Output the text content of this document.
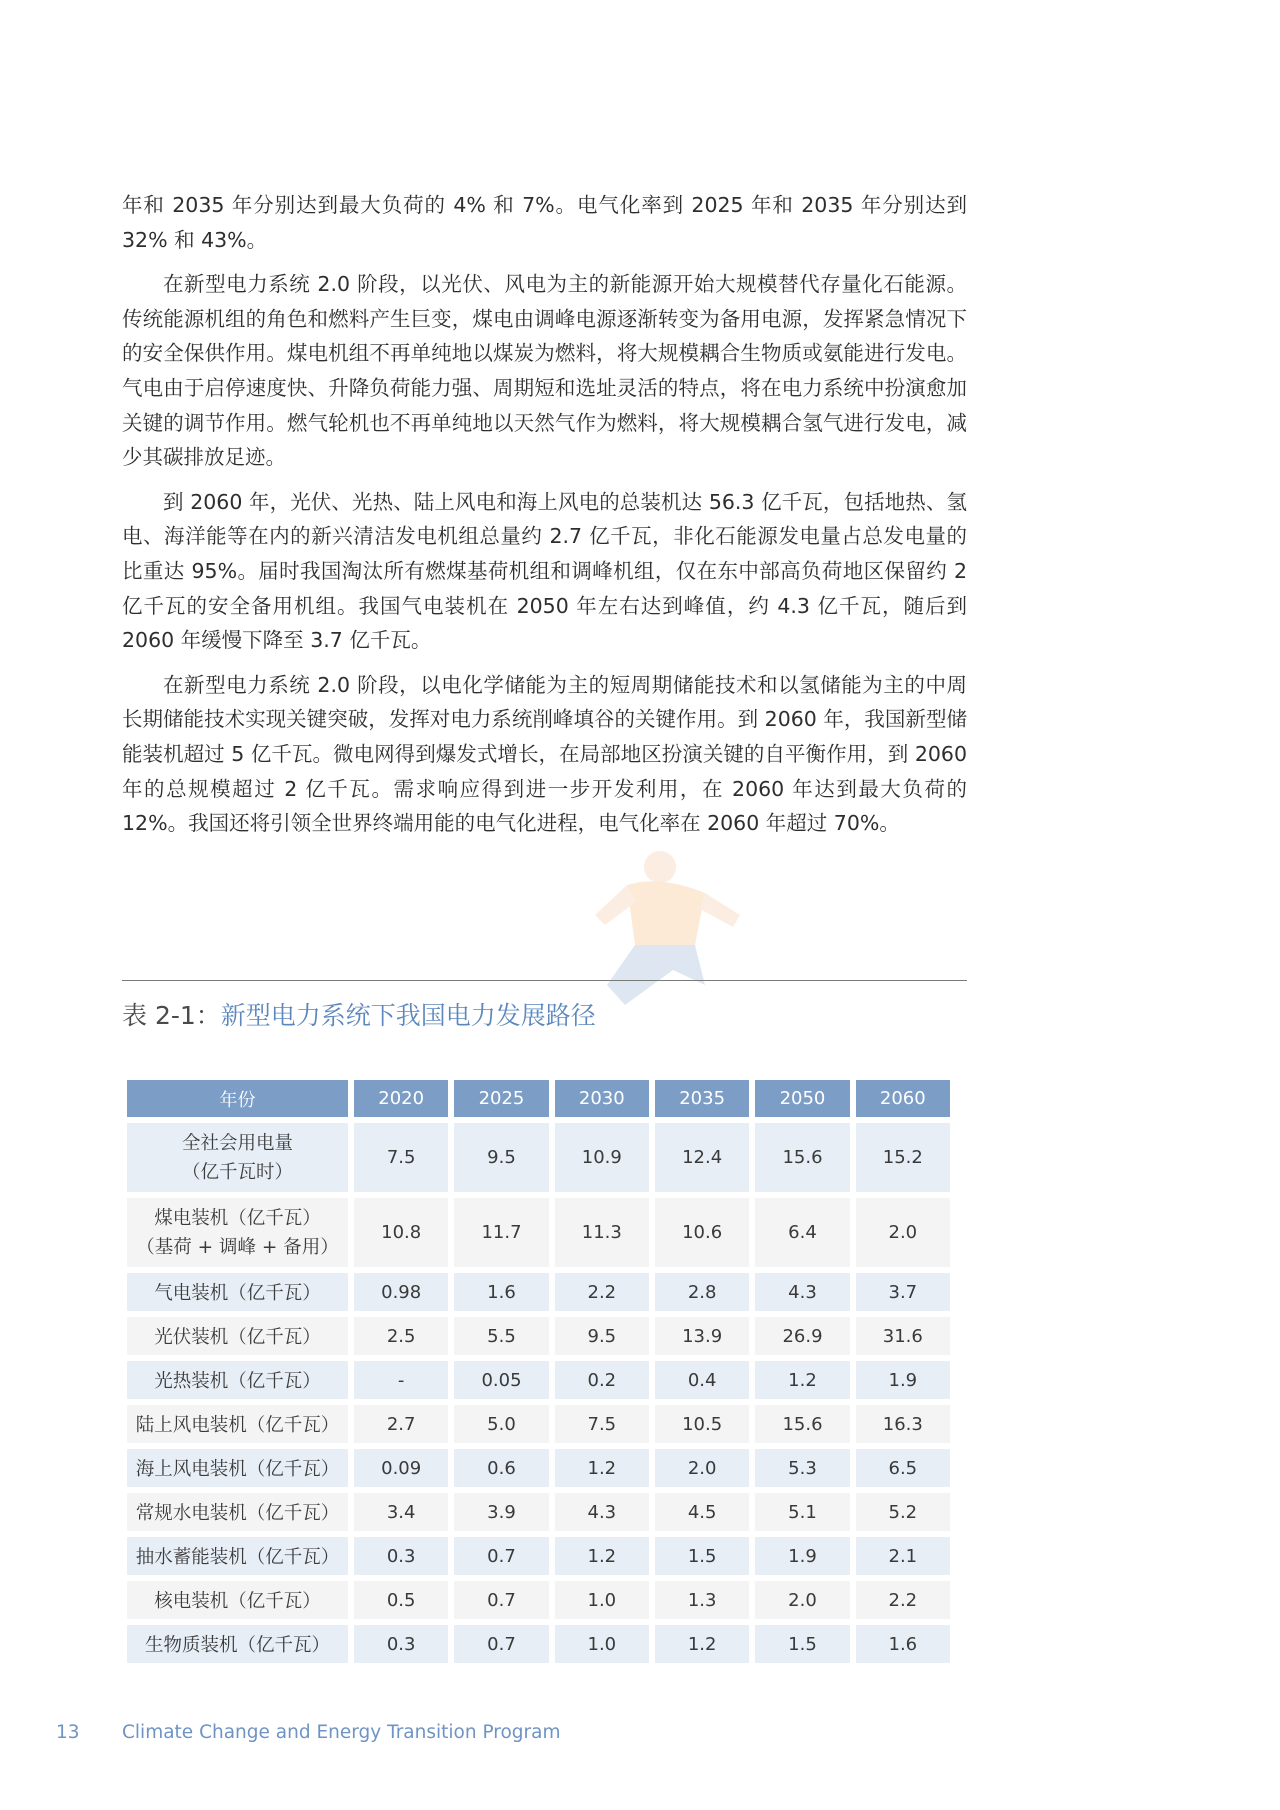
年和 2035 年分别达到最大负荷的 4% 和 7%。电气化率到 2025 年和 2035 年分别达到 32% 和 43%。

在新型电力系统 2.0 阶段，以光伏、风电为主的新能源开始大规模替代存量化石能源。传统能源机组的角色和燃料产生巨变，煤电由调峰电源逐渐转变为备用电源，发挥紧急情况下的安全保供作用。煤电机组不再单纯地以煤炭为燃料，将大规模耦合生物质或氨能进行发电。气电由于启停速度快、升降负荷能力强、周期短和选址灵活的特点，将在电力系统中扮演愈加关键的调节作用。燃气轮机也不再单纯地以天然气作为燃料，将大规模耦合氢气进行发电，减少其碳排放足迹。

到 2060 年，光伏、光热、陆上风电和海上风电的总装机达 56.3 亿千瓦，包括地热、氢电、海洋能等在内的新兴清洁发电机组总量约 2.7 亿千瓦，非化石能源发电量占总发电量的比重达 95%。届时我国淘汰所有燃煤基荷机组和调峰机组，仅在东中部高负荷地区保留约 2 亿千瓦的安全备用机组。我国气电装机在 2050 年左右达到峰值，约 4.3 亿千瓦，随后到 2060 年缓慢下降至 3.7 亿千瓦。

在新型电力系统 2.0 阶段，以电化学储能为主的短周期储能技术和以氢储能为主的中周长期储能技术实现关键突破，发挥对电力系统削峰填谷的关键作用。到 2060 年，我国新型储能装机超过 5 亿千瓦。微电网得到爆发式增长，在局部地区扮演关键的自平衡作用，到 2060 年的总规模超过 2 亿千瓦。需求响应得到进一步开发利用，在 2060 年达到最大负荷的 12%。我国还将引领全世界终端用能的电气化进程，电气化率在 2060 年超过 70%。

表 2-1：新型电力系统下我国电力发展路径
年份	2020	2025	2030	2035	2050	2060
全社会用电量
（亿千瓦时）	7.5	9.5	10.9	12.4	15.6	15.2
煤电装机（亿千瓦）
（基荷 + 调峰 + 备用）	10.8	11.7	11.3	10.6	6.4	2.0
气电装机（亿千瓦）	0.98	1.6	2.2	2.8	4.3	3.7
光伏装机（亿千瓦）	2.5	5.5	9.5	13.9	26.9	31.6
光热装机（亿千瓦）	-	0.05	0.2	0.4	1.2	1.9
陆上风电装机（亿千瓦）	2.7	5.0	7.5	10.5	15.6	16.3
海上风电装机（亿千瓦）	0.09	0.6	1.2	2.0	5.3	6.5
常规水电装机（亿千瓦）	3.4	3.9	4.3	4.5	5.1	5.2
抽水蓄能装机（亿千瓦）	0.3	0.7	1.2	1.5	1.9	2.1
核电装机（亿千瓦）	0.5	0.7	1.0	1.3	2.0	2.2
生物质装机（亿千瓦）	0.3	0.7	1.0	1.2	1.5	1.6
13 Climate Change and Energy Transition Program
